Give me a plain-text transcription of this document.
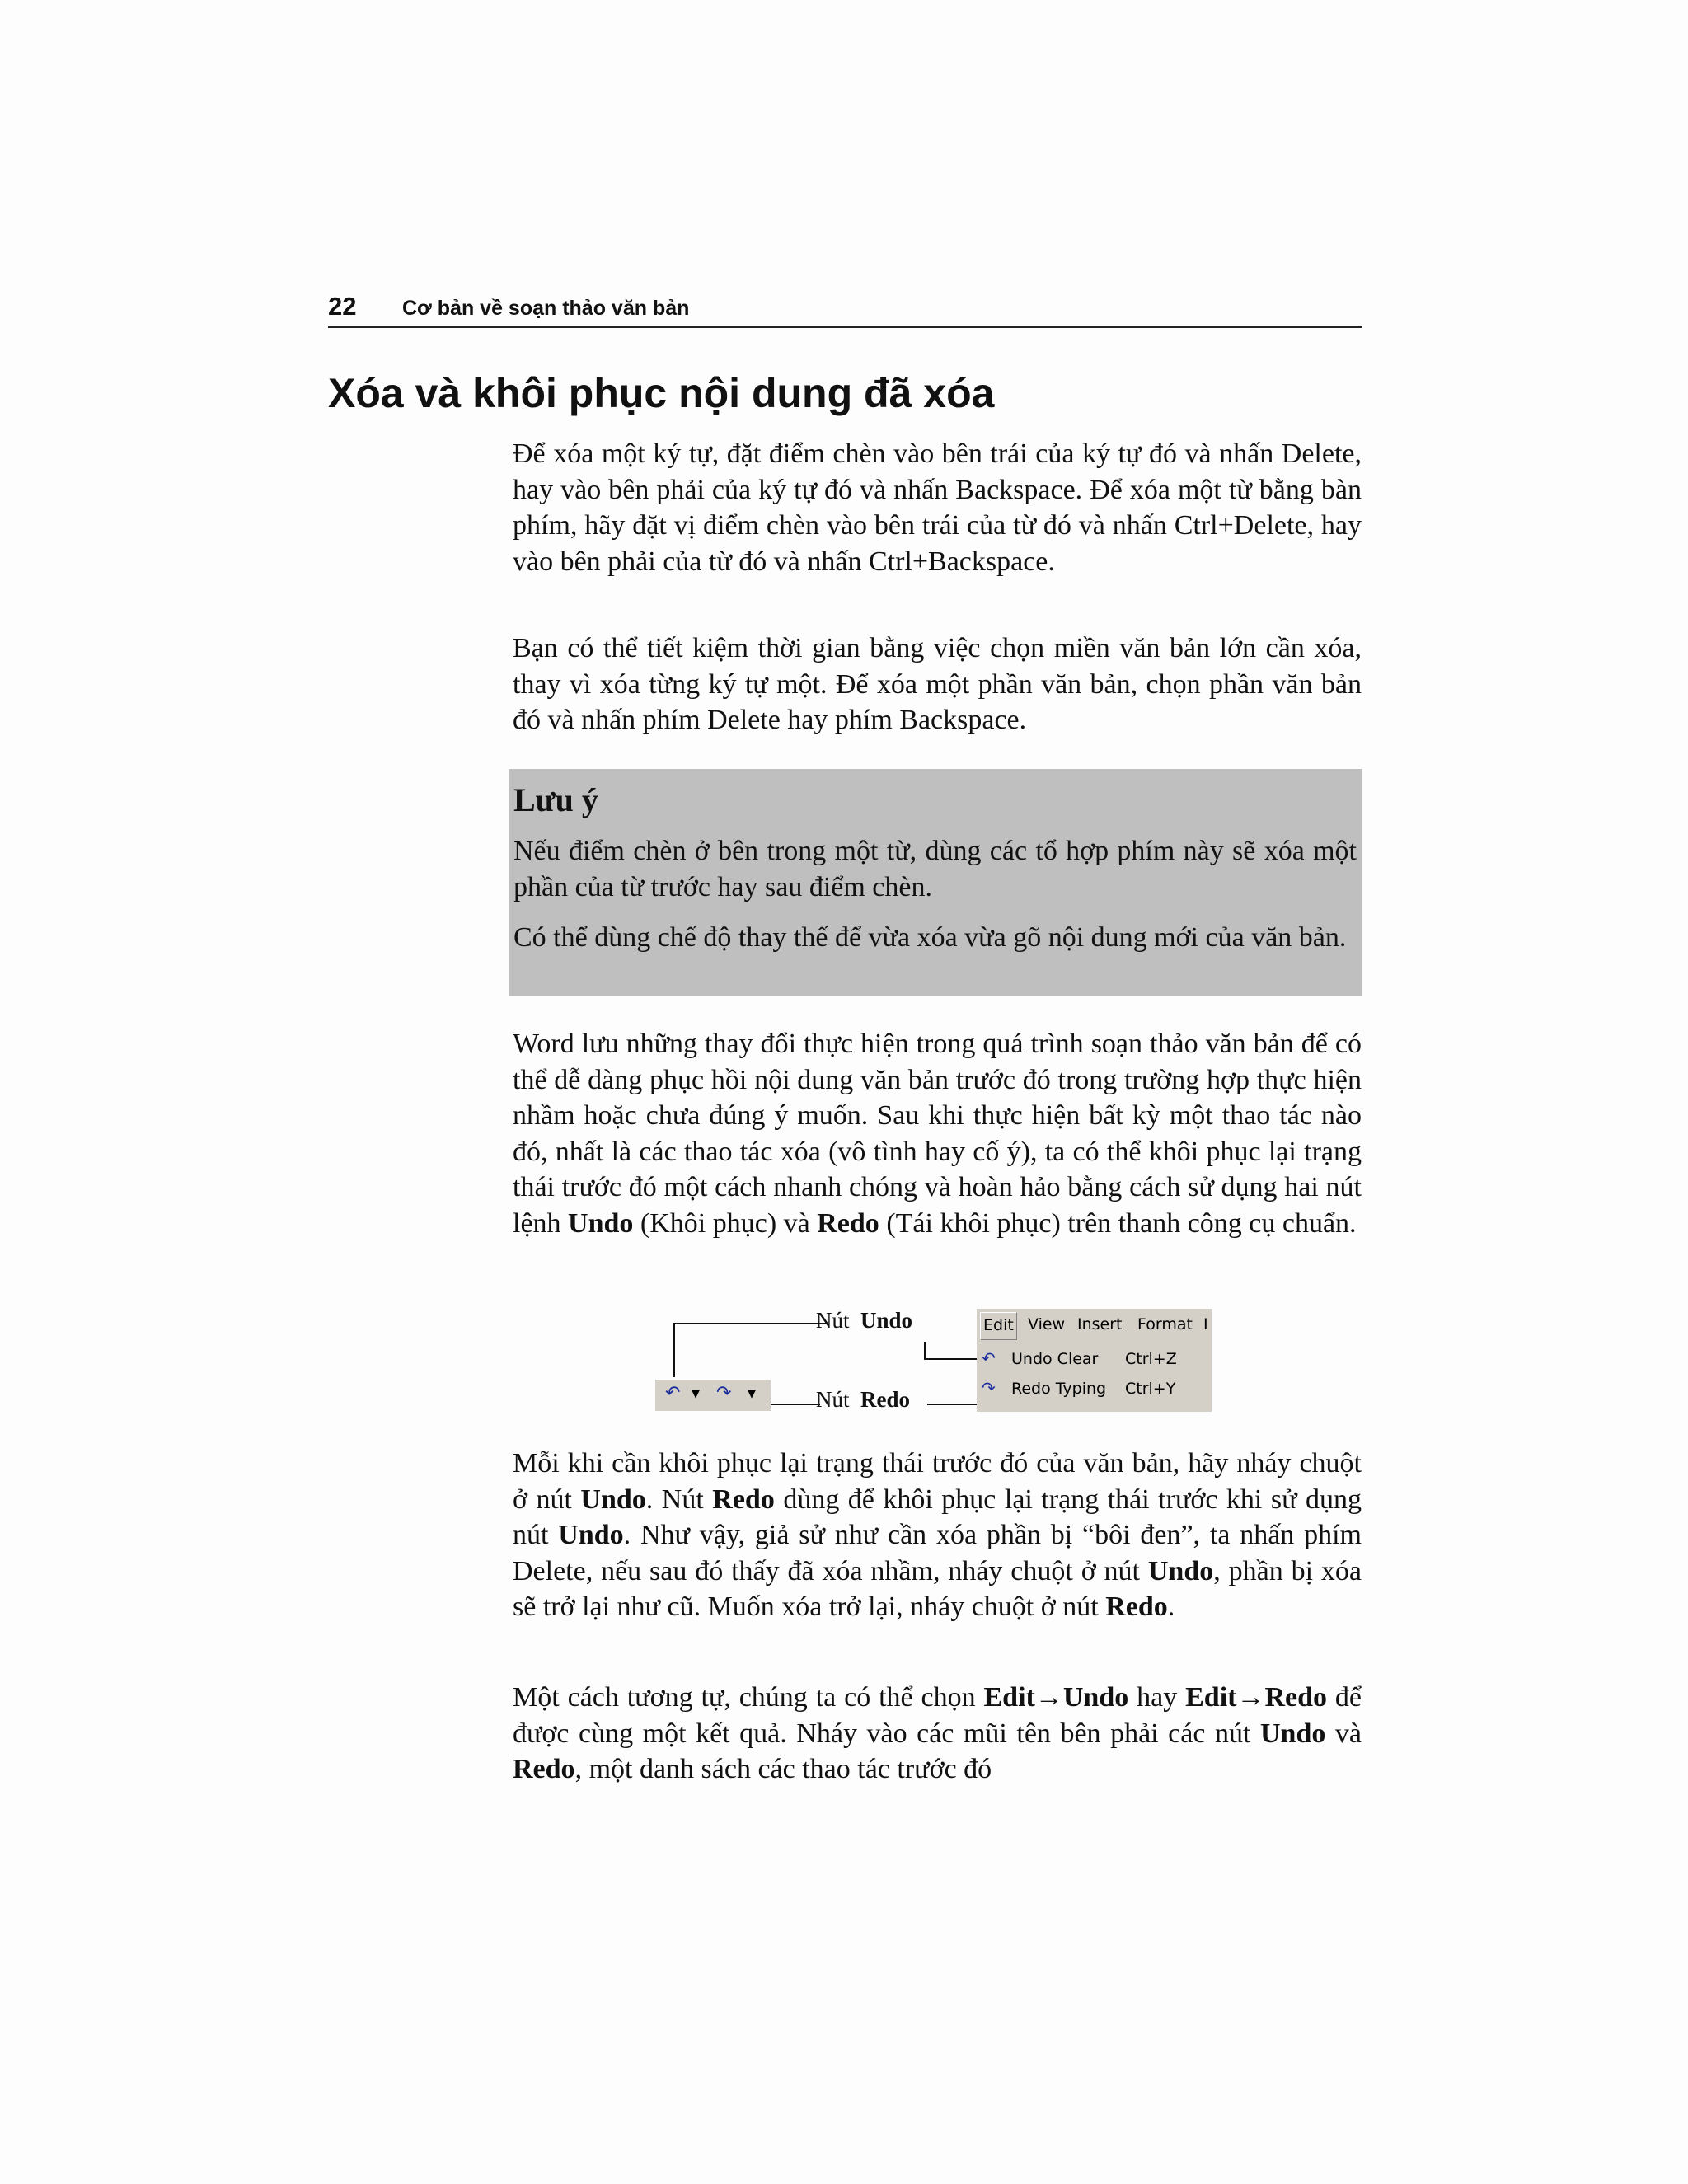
22 Cơ bản về soạn thảo văn bản
Xóa và khôi phục nội dung đã xóa

Để xóa một ký tự, đặt điểm chèn vào bên trái của ký tự đó và nhấn Delete, hay vào bên phải của ký tự đó và nhấn Backspace. Để xóa một từ bằng bàn phím, hãy đặt vị điểm chèn vào bên trái của từ đó và nhấn Ctrl+Delete, hay vào bên phải của từ đó và nhấn Ctrl+Backspace.

Bạn có thể tiết kiệm thời gian bằng việc chọn miền văn bản lớn cần xóa, thay vì xóa từng ký tự một. Để xóa một phần văn bản, chọn phần văn bản đó và nhấn phím Delete hay phím Backspace.

Lưu ý

Nếu điểm chèn ở bên trong một từ, dùng các tổ hợp phím này sẽ xóa một phần của từ trước hay sau điểm chèn.

Có thể dùng chế độ thay thế để vừa xóa vừa gõ nội dung mới của văn bản.

Word lưu những thay đổi thực hiện trong quá trình soạn thảo văn bản để có thể dễ dàng phục hồi nội dung văn bản trước đó trong trường hợp thực hiện nhầm hoặc chưa đúng ý muốn. Sau khi thực hiện bất kỳ một thao tác nào đó, nhất là các thao tác xóa (vô tình hay cố ý), ta có thể khôi phục lại trạng thái trước đó một cách nhanh chóng và hoàn hảo bằng cách sử dụng hai nút lệnh Undo (Khôi phục) và Redo (Tái khôi phục) trên thanh công cụ chuẩn.

Nút Undo
Nút Redo
↶ ▼ ↷ ▼
Edit View Insert Format I
↶ Undo Clear Ctrl+Z
↷ Redo Typing Ctrl+Y

Mỗi khi cần khôi phục lại trạng thái trước đó của văn bản, hãy nháy chuột ở nút Undo. Nút Redo dùng để khôi phục lại trạng thái trước khi sử dụng nút Undo. Như vậy, giả sử như cần xóa phần bị “bôi đen”, ta nhấn phím Delete, nếu sau đó thấy đã xóa nhầm, nháy chuột ở nút Undo, phần bị xóa sẽ trở lại như cũ. Muốn xóa trở lại, nháy chuột ở nút Redo.

Một cách tương tự, chúng ta có thể chọn Edit→Undo hay Edit→Redo để được cùng một kết quả. Nháy vào các mũi tên bên phải các nút Undo và Redo, một danh sách các thao tác trước đó
